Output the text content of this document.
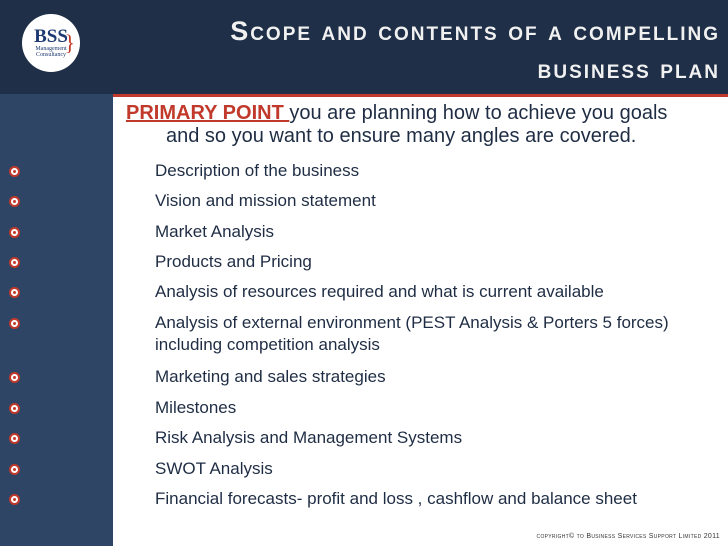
BSS
}
Management
Consultancy
Scope and contents of a compelling
business plan
PRIMARY POINT you are planning how to achieve you goals
and so you want to ensure many angles are covered.
Description of the business
Vision and mission statement
Market Analysis
Products and Pricing
Analysis of resources required and what is current available
Analysis of external environment (PEST Analysis & Porters 5 forces) including competition analysis
Marketing and sales strategies
Milestones
Risk Analysis and Management Systems
SWOT Analysis
Financial forecasts- profit and loss , cashflow and balance sheet
copyright© to Business Services Support Limited 2011
